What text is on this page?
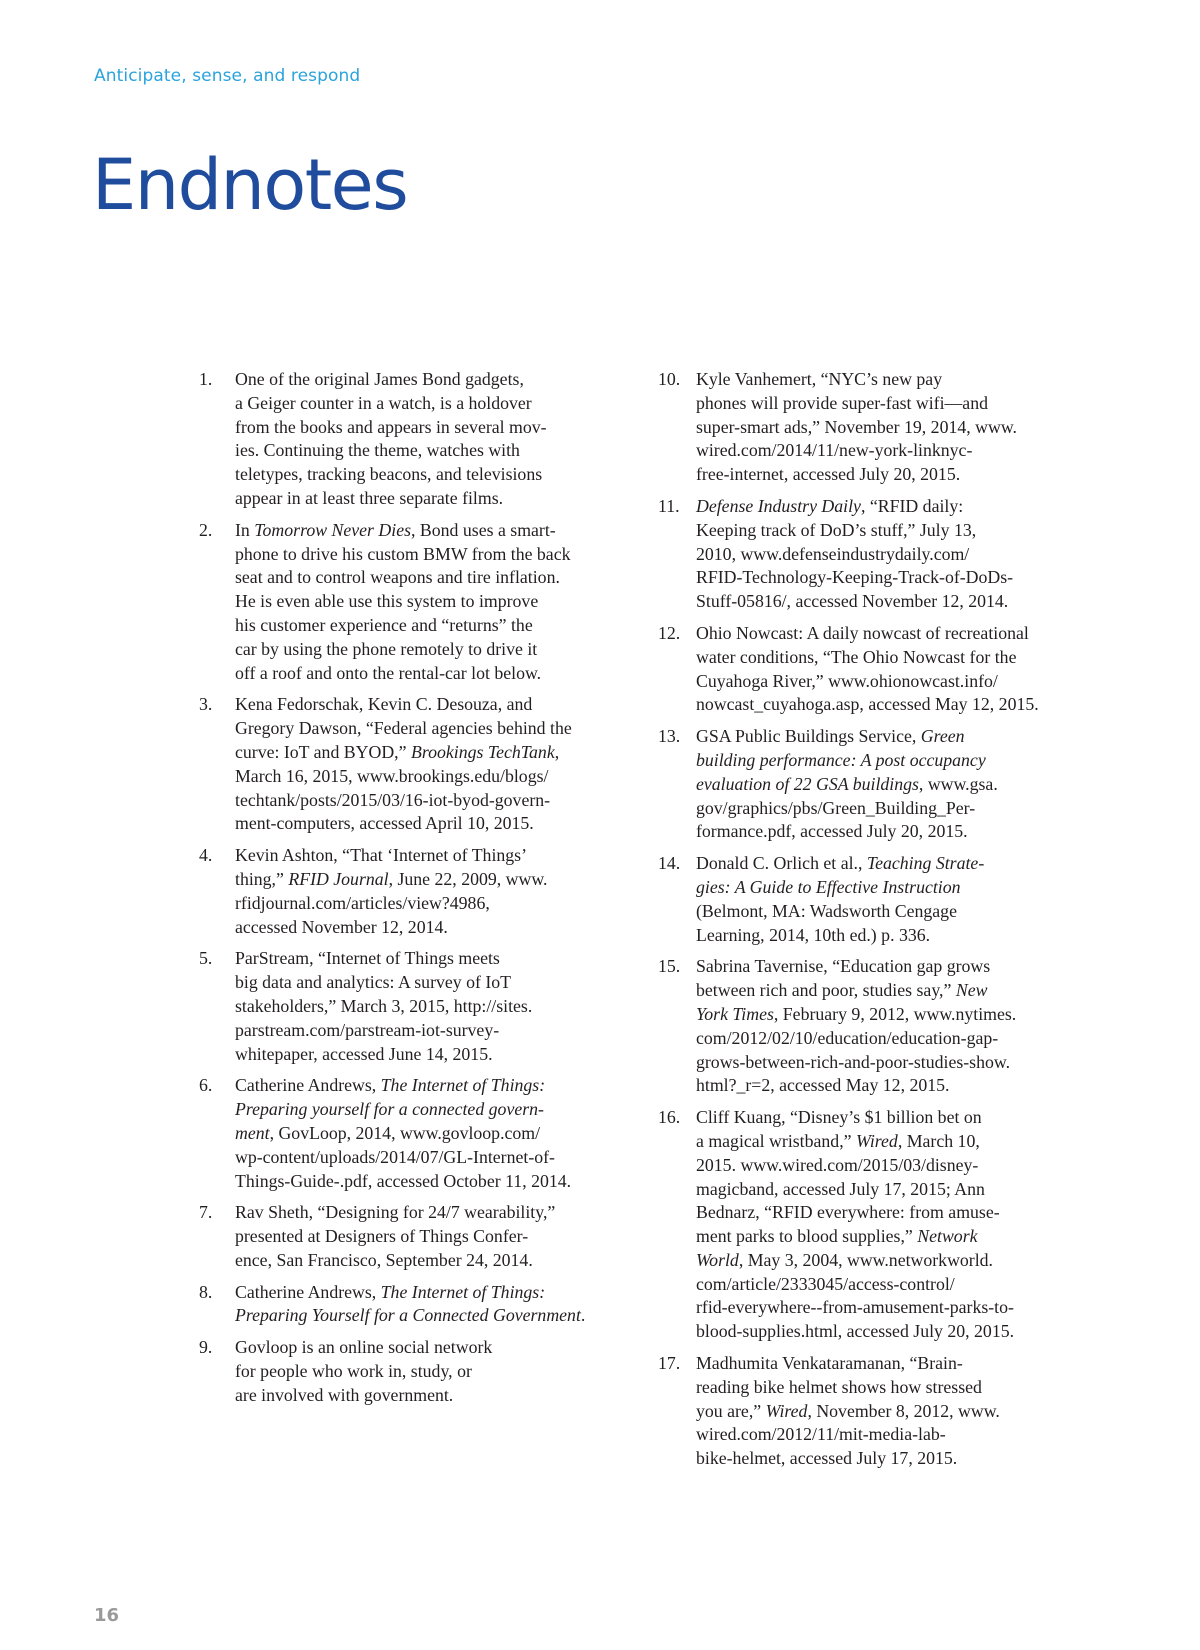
Anticipate, sense, and respond
Endnotes
1.	One of the original James Bond gadgets,
a Geiger counter in a watch, is a holdover
from the books and appears in several mov-
ies. Continuing the theme, watches with
teletypes, tracking beacons, and televisions
appear in at least three separate films.
2.	In Tomorrow Never Dies, Bond uses a smart-
phone to drive his custom BMW from the back
seat and to control weapons and tire inflation.
He is even able use this system to improve
his customer experience and “returns” the
car by using the phone remotely to drive it
off a roof and onto the rental-car lot below.
3.	Kena Fedorschak, Kevin C. Desouza, and
Gregory Dawson, “Federal agencies behind the
curve: IoT and BYOD,” Brookings TechTank,
March 16, 2015, www.brookings.edu/blogs/
techtank/posts/2015/03/16-iot-byod-govern-
ment-computers, accessed April 10, 2015.
4.	Kevin Ashton, “That ‘Internet of Things’
thing,” RFID Journal, June 22, 2009, www.
rfidjournal.com/articles/view?4986,
accessed November 12, 2014.
5.	ParStream, “Internet of Things meets
big data and analytics: A survey of IoT
stakeholders,” March 3, 2015, http://sites.
parstream.com/parstream-iot-survey-
whitepaper, accessed June 14, 2015.
6.	Catherine Andrews, The Internet of Things:
Preparing yourself for a connected govern-
ment, GovLoop, 2014, www.govloop.com/
wp-content/uploads/2014/07/GL-Internet-of-
Things-Guide-.pdf, accessed October 11, 2014.
7.	Rav Sheth, “Designing for 24/7 wearability,”
presented at Designers of Things Confer-
ence, San Francisco, September 24, 2014.
8.	Catherine Andrews, The Internet of Things:
Preparing Yourself for a Connected Government.
9.	Govloop is an online social network
for people who work in, study, or
are involved with government.
10. Kyle Vanhemert, “NYC’s new pay
phones will provide super-fast wifi—and
super-smart ads,” November 19, 2014, www.
wired.com/2014/11/new-york-linknyc-
free-internet, accessed July 20, 2015.
11. Defense Industry Daily, “RFID daily:
Keeping track of DoD’s stuff,” July 13,
2010, www.defenseindustrydaily.com/
RFID-Technology-Keeping-Track-of-DoDs-
Stuff-05816/, accessed November 12, 2014.
12. Ohio Nowcast: A daily nowcast of recreational
water conditions, “The Ohio Nowcast for the
Cuyahoga River,” www.ohionowcast.info/
nowcast_cuyahoga.asp, accessed May 12, 2015.
13. GSA Public Buildings Service, Green
building performance: A post occupancy
evaluation of 22 GSA buildings, www.gsa.
gov/graphics/pbs/Green_Building_Per-
formance.pdf, accessed July 20, 2015.
14. Donald C. Orlich et al., Teaching Strate-
gies: A Guide to Effective Instruction
(Belmont, MA: Wadsworth Cengage
Learning, 2014, 10th ed.) p. 336.
15. Sabrina Tavernise, “Education gap grows
between rich and poor, studies say,” New
York Times, February 9, 2012, www.nytimes.
com/2012/02/10/education/education-gap-
grows-between-rich-and-poor-studies-show.
html?_r=2, accessed May 12, 2015.
16. Cliff Kuang, “Disney’s $1 billion bet on
a magical wristband,” Wired, March 10,
2015. www.wired.com/2015/03/disney-
magicband, accessed July 17, 2015; Ann
Bednarz, “RFID everywhere: from amuse-
ment parks to blood supplies,” Network
World, May 3, 2004, www.networkworld.
com/article/2333045/access-control/
rfid-everywhere--from-amusement-parks-to-
blood-supplies.html, accessed July 20, 2015.
17. Madhumita Venkataramanan, “Brain-
reading bike helmet shows how stressed
you are,” Wired, November 8, 2012, www.
wired.com/2012/11/mit-media-lab-
bike-helmet, accessed July 17, 2015.
16
